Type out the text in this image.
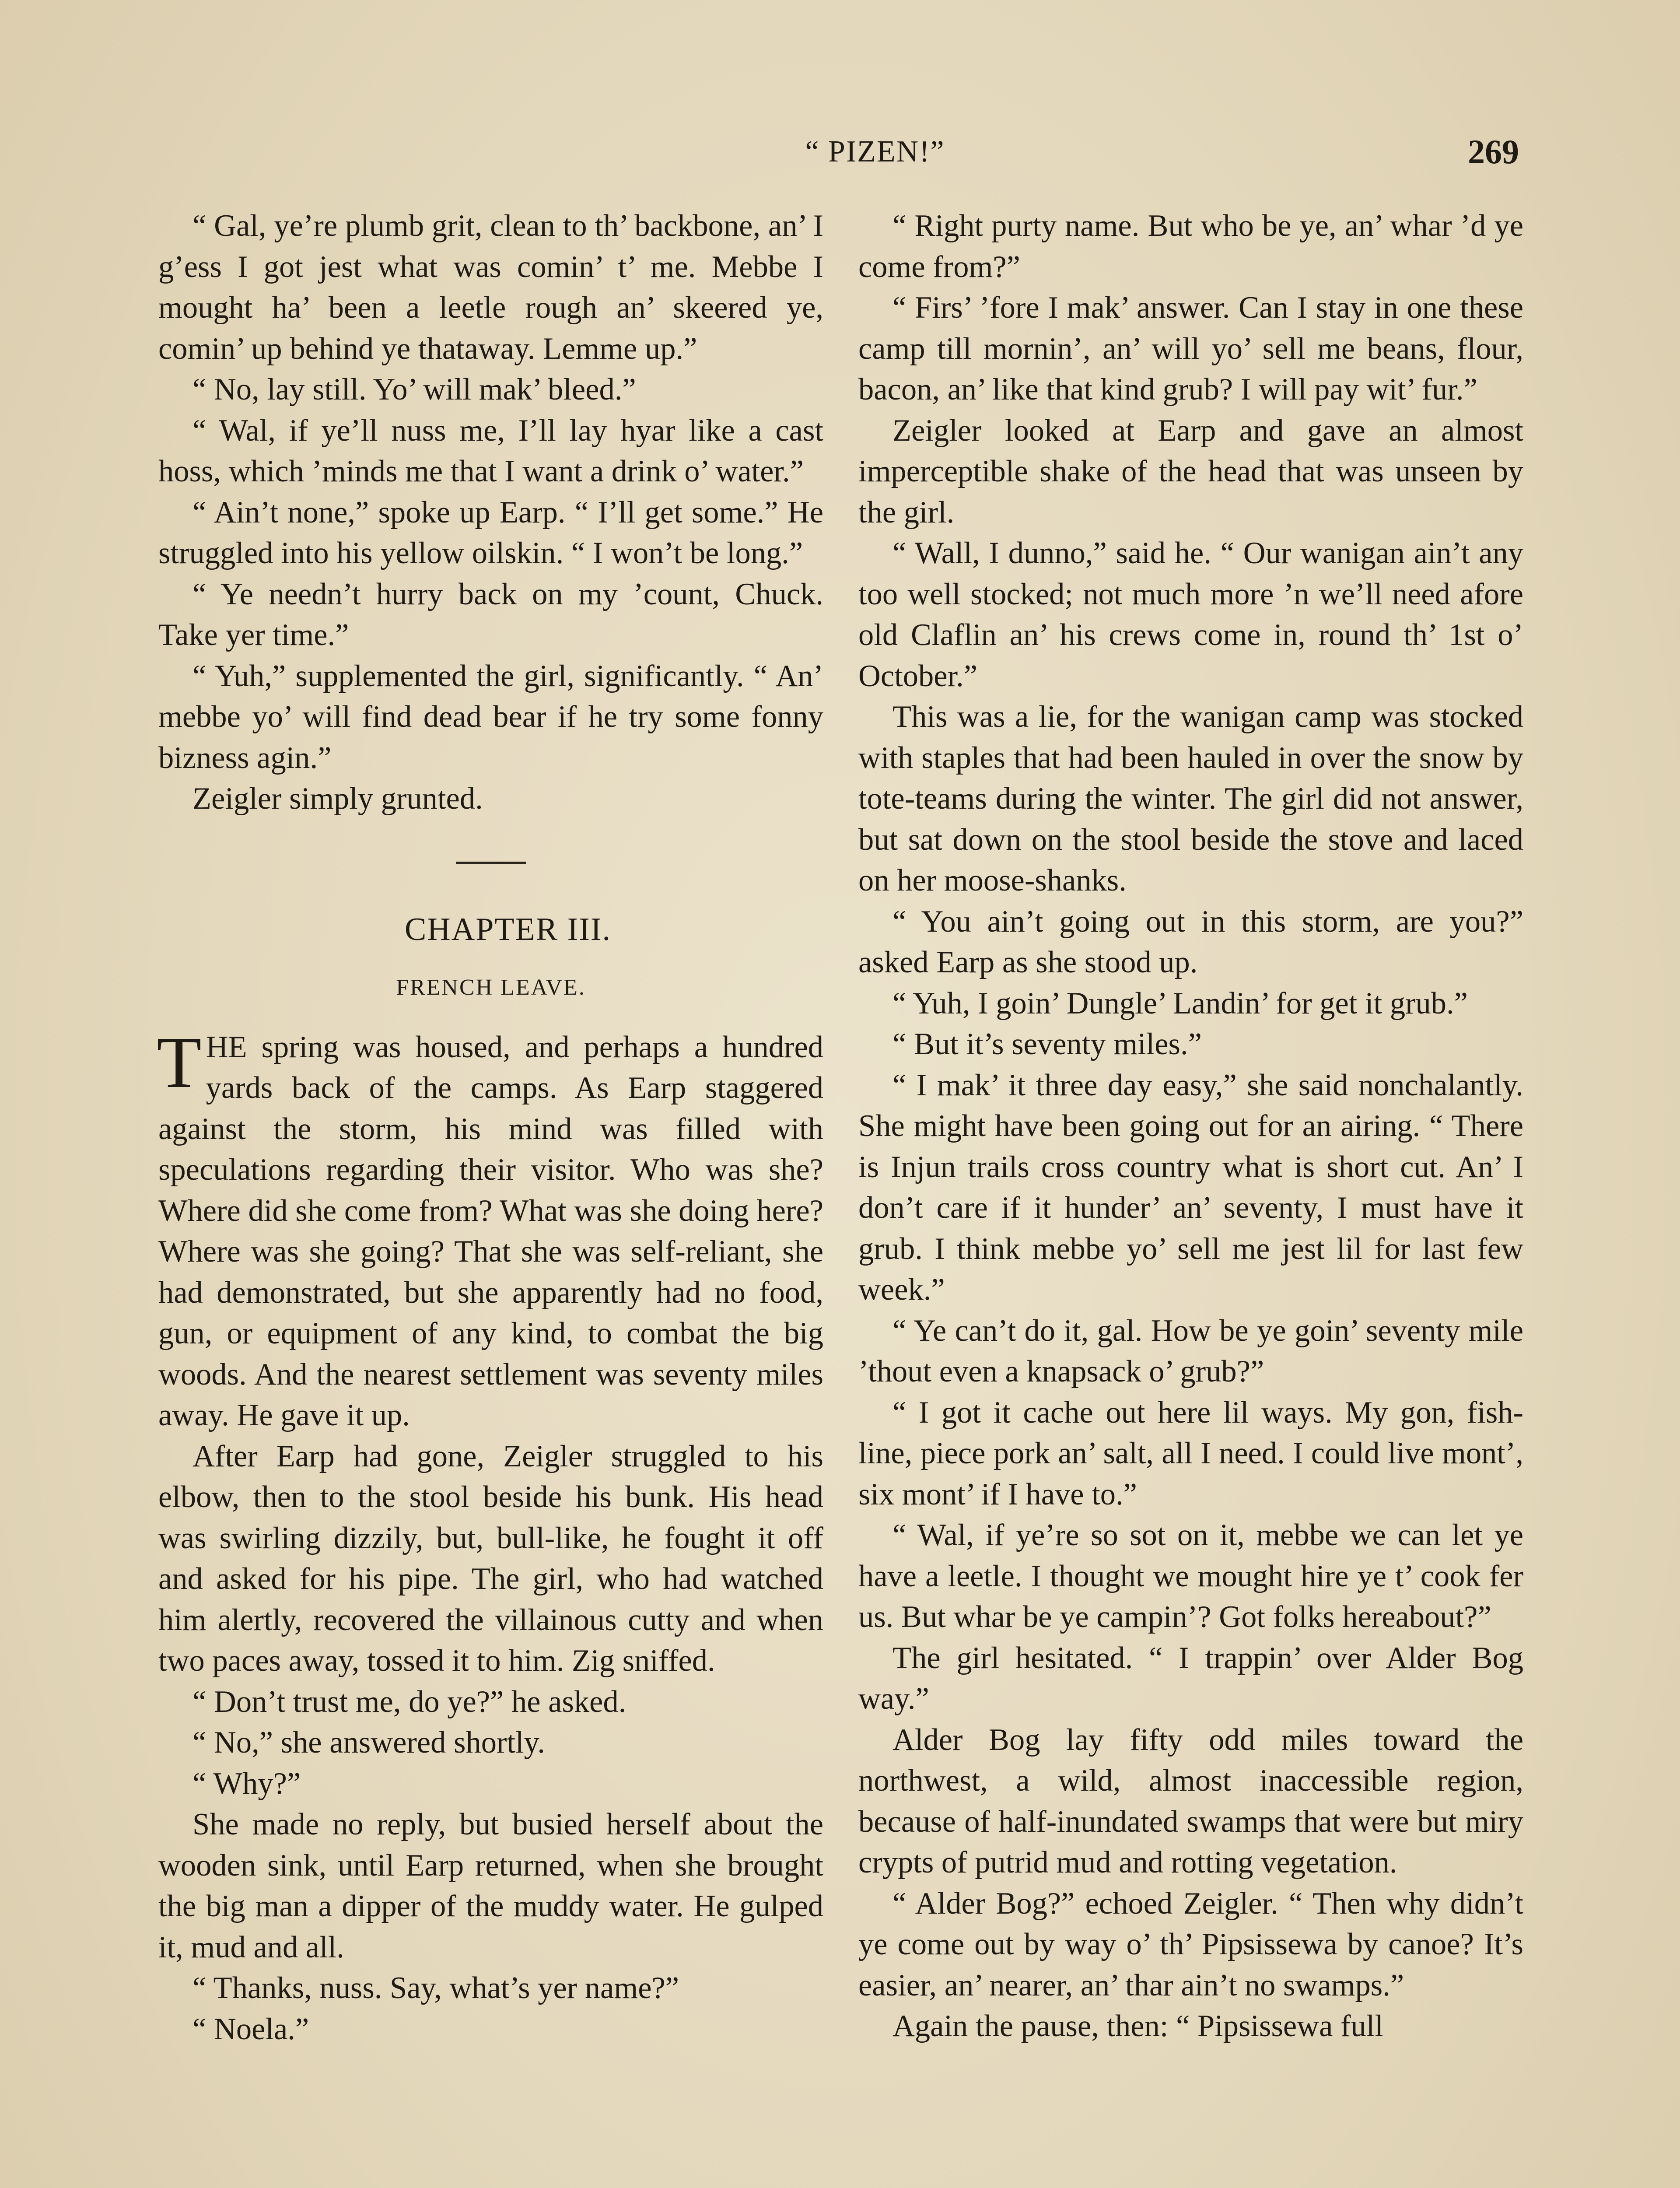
“ PIZEN!”	269

“ Gal, ye’re plumb grit, clean to th’ backbone, an’ I g’ess I got jest what was comin’ t’ me. Mebbe I mought ha’ been a leetle rough an’ skeered ye, comin’ up behind ye thataway. Lemme up.”

“ No, lay still. Yo’ will mak’ bleed.”

“ Wal, if ye’ll nuss me, I’ll lay hyar like a cast hoss, which ’minds me that I want a drink o’ water.”

“ Ain’t none,” spoke up Earp. “ I’ll get some.” He struggled into his yellow oilskin. “ I won’t be long.”

“ Ye needn’t hurry back on my ’count, Chuck. Take yer time.”

“ Yuh,” supplemented the girl, significantly. “ An’ mebbe yo’ will find dead bear if he try some fonny bizness agin.”

Zeigler simply grunted.

CHAPTER III.

FRENCH LEAVE.

THE spring was housed, and perhaps a hundred yards back of the camps. As Earp staggered against the storm, his mind was filled with speculations regarding their visitor. Who was she? Where did she come from? What was she doing here? Where was she going? That she was self-reliant, she had demonstrated, but she apparently had no food, gun, or equipment of any kind, to combat the big woods. And the nearest settlement was seventy miles away. He gave it up.

After Earp had gone, Zeigler struggled to his elbow, then to the stool beside his bunk. His head was swirling dizzily, but, bull-like, he fought it off and asked for his pipe. The girl, who had watched him alertly, recovered the villainous cutty and when two paces away, tossed it to him. Zig sniffed.

“ Don’t trust me, do ye?” he asked.

“ No,” she answered shortly.

“ Why?”

She made no reply, but busied herself about the wooden sink, until Earp returned, when she brought the big man a dipper of the muddy water. He gulped it, mud and all.

“ Thanks, nuss. Say, what’s yer name?”

“ Noela.”

“ Right purty name. But who be ye, an’ whar ’d ye come from?”

“ Firs’ ’fore I mak’ answer. Can I stay in one these camp till mornin’, an’ will yo’ sell me beans, flour, bacon, an’ like that kind grub? I will pay wit’ fur.”

Zeigler looked at Earp and gave an almost imperceptible shake of the head that was unseen by the girl.

“ Wall, I dunno,” said he. “ Our wanigan ain’t any too well stocked; not much more ’n we’ll need afore old Claflin an’ his crews come in, round th’ 1st o’ October.”

This was a lie, for the wanigan camp was stocked with staples that had been hauled in over the snow by tote-teams during the winter. The girl did not answer, but sat down on the stool beside the stove and laced on her moose-shanks.

“ You ain’t going out in this storm, are you?” asked Earp as she stood up.

“ Yuh, I goin’ Dungle’ Landin’ for get it grub.”

“ But it’s seventy miles.”

“ I mak’ it three day easy,” she said nonchalantly. She might have been going out for an airing. “ There is Injun trails cross country what is short cut. An’ I don’t care if it hunder’ an’ seventy, I must have it grub. I think mebbe yo’ sell me jest lil for last few week.”

“ Ye can’t do it, gal. How be ye goin’ seventy mile ’thout even a knapsack o’ grub?”

“ I got it cache out here lil ways. My gon, fish-line, piece pork an’ salt, all I need. I could live mont’, six mont’ if I have to.”

“ Wal, if ye’re so sot on it, mebbe we can let ye have a leetle. I thought we mought hire ye t’ cook fer us. But whar be ye campin’? Got folks hereabout?”

The girl hesitated. “ I trappin’ over Alder Bog way.”

Alder Bog lay fifty odd miles toward the northwest, a wild, almost inaccessible region, because of half-inundated swamps that were but miry crypts of putrid mud and rotting vegetation.

“ Alder Bog?” echoed Zeigler. “ Then why didn’t ye come out by way o’ th’ Pipsissewa by canoe? It’s easier, an’ nearer, an’ thar ain’t no swamps.”

Again the pause, then: “ Pipsissewa full
